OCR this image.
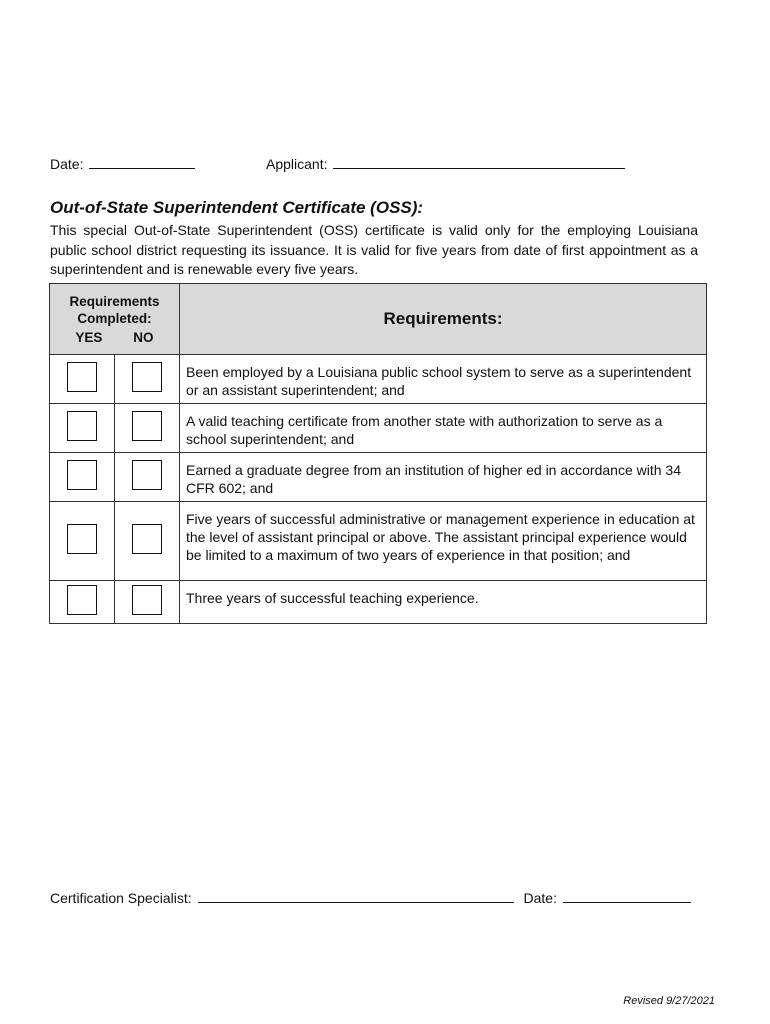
Date:	Applicant:
Out-of-State Superintendent Certificate (OSS):
This special Out-of-State Superintendent (OSS) certificate is valid only for the employing Louisiana public school district requesting its issuance. It is valid for five years from date of first appointment as a superintendent and is renewable every five years.
Requirements
Completed:
YES NO		Requirements:
		Been employed by a Louisiana public school system to serve as a superintendent or an assistant superintendent; and
		A valid teaching certificate from another state with authorization to serve as a school superintendent; and
		Earned a graduate degree from an institution of higher ed in accordance with 34 CFR 602; and
		Five years of successful administrative or management experience in education at the level of assistant principal or above. The assistant principal experience would be limited to a maximum of two years of experience in that position; and
		Three years of successful teaching experience.
Certification Specialist:	Date:
Revised 9/27/2021
